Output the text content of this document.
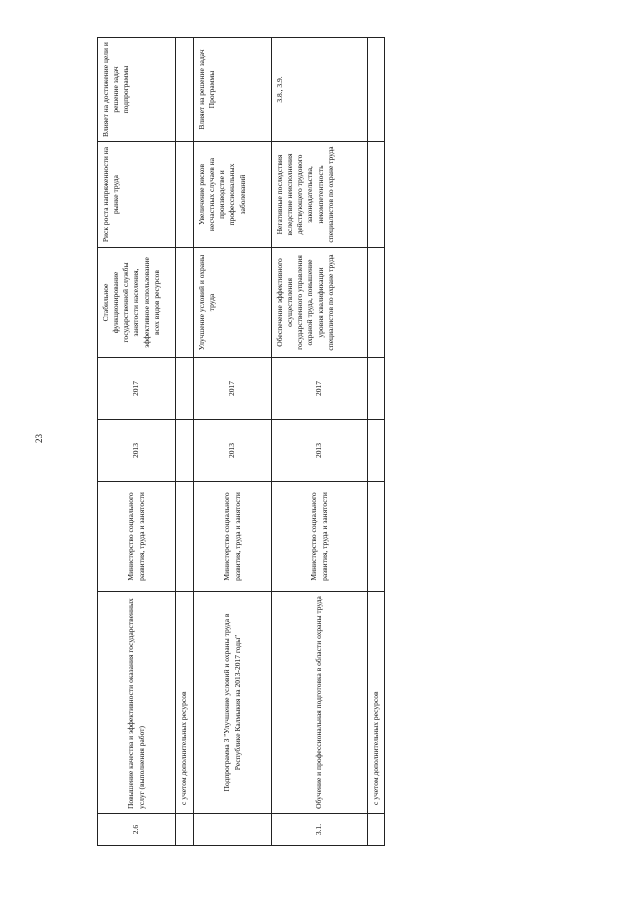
23
2.6	Повышение качества и эффективности оказания государственных услуг (выполнения работ)	Министерство социального развития, труда и занятости	2013	2017	Стабильное функционирование государственной службы занятости населения, эффективное использование всех видов ресурсов	Риск роста напряженности на рынке труда	Влияет на достижение цели и решение задач подпрограммы
	с учетом дополнительных ресурсов						
	Подпрограмма 3 "Улучшение условий и охраны труда в Республике Калмыкия на 2013-2017 годы"	Министерство социального развития, труда и занятости	2013	2017	Улучшение условий и охраны труда	Увеличение рисков несчастных случаев на производстве и профессиональных заболеваний	Влияет на решение задач Программы
3.1.	Обучение и профессиональная подготовка в области охраны труда	Министерство социального развития, труда и занятости	2013	2017	Обеспечение эффективного осуществления государственного управления охраной труда, повышение уровня квалификации специалистов по охране труда	Негативные последствия вследствие неисполнения действующего трудового законодательства, некомпетентность специалистов по охране труда	3.8., 3.9.
	с учетом дополнительных ресурсов						
